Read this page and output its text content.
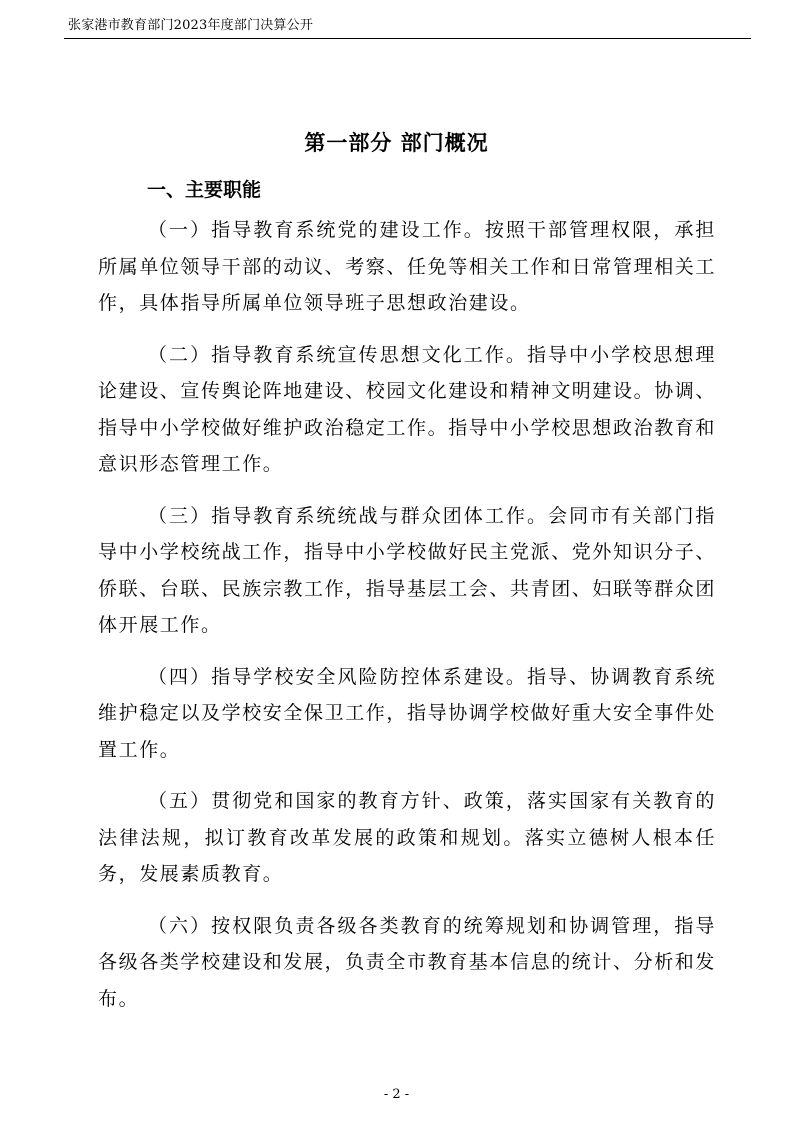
张家港市教育部门2023年度部门决算公开
第一部分 部门概况
一、主要职能

（一）指导教育系统党的建设工作。按照干部管理权限，承担所属单位领导干部的动议、考察、任免等相关工作和日常管理相关工作，具体指导所属单位领导班子思想政治建设。

（二）指导教育系统宣传思想文化工作。指导中小学校思想理论建设、宣传舆论阵地建设、校园文化建设和精神文明建设。协调、指导中小学校做好维护政治稳定工作。指导中小学校思想政治教育和意识形态管理工作。

（三）指导教育系统统战与群众团体工作。会同市有关部门指导中小学校统战工作，指导中小学校做好民主党派、党外知识分子、侨联、台联、民族宗教工作，指导基层工会、共青团、妇联等群众团体开展工作。

（四）指导学校安全风险防控体系建设。指导、协调教育系统维护稳定以及学校安全保卫工作，指导协调学校做好重大安全事件处置工作。

（五）贯彻党和国家的教育方针、政策，落实国家有关教育的法律法规，拟订教育改革发展的政策和规划。落实立德树人根本任务，发展素质教育。

（六）按权限负责各级各类教育的统筹规划和协调管理，指导各级各类学校建设和发展，负责全市教育基本信息的统计、分析和发布。

- 2 -
